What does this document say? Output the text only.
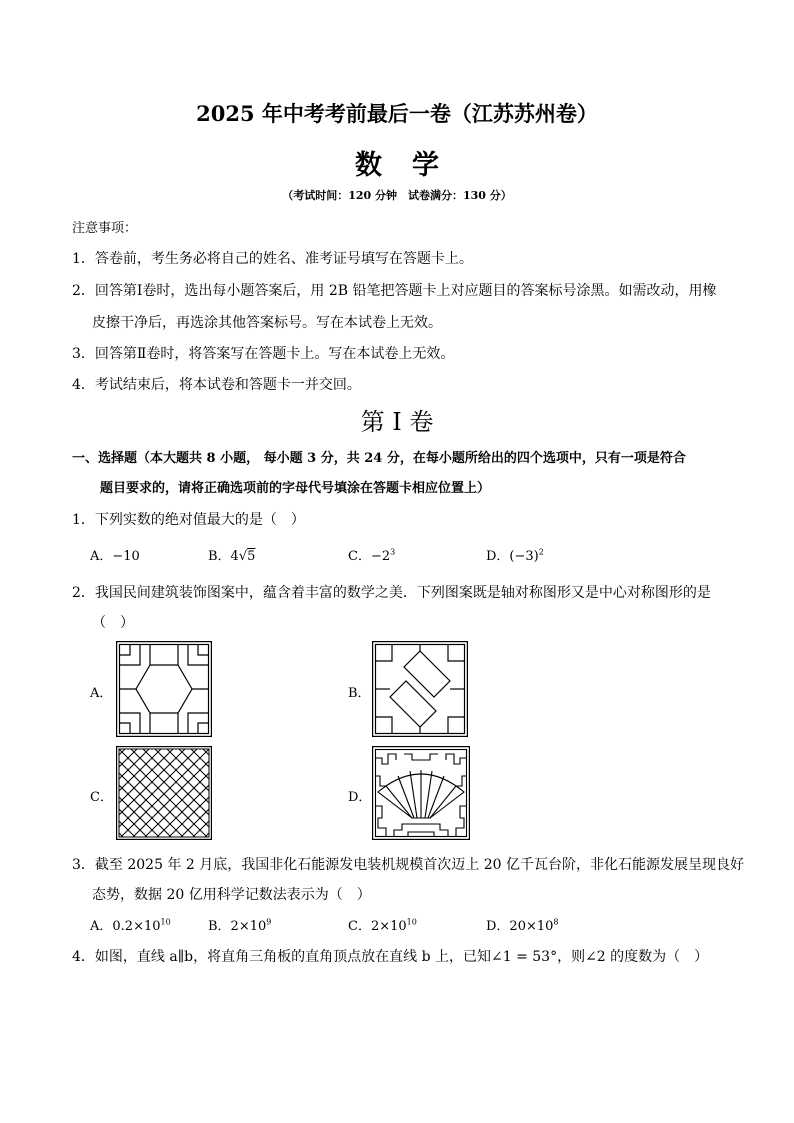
2025 年中考考前最后一卷（江苏苏州卷）
数学
（考试时间：120 分钟　试卷满分：130 分）
注意事项：
1．答卷前，考生务必将自己的姓名、准考证号填写在答题卡上。
2．回答第Ⅰ卷时，选出每小题答案后，用 2B 铅笔把答题卡上对应题目的答案标号涂黑。如需改动，用橡
皮擦干净后，再选涂其他答案标号。写在本试卷上无效。
3．回答第Ⅱ卷时，将答案写在答题卡上。写在本试卷上无效。
4．考试结束后，将本试卷和答题卡一并交回。
第 I 卷
一、选择题（本大题共 8 小题， 每小题 3 分，共 24 分，在每小题所给出的四个选项中，只有一项是符合
题目要求的，请将正确选项前的字母代号填涂在答题卡相应位置上）
1．下列实数的绝对值最大的是（　）
A．−10	B．4√5	C．$-2^3$	D．$(-3)^2$
2．我国民间建筑装饰图案中，蕴含着丰富的数学之美．下列图案既是轴对称图形又是中心对称图形的是
（　）
A．	B．
C．	D．
3．截至 2025 年 2 月底，我国非化石能源发电装机规模首次迈上 20 亿千瓦台阶，非化石能源发展呈现良好
态势，数据 20 亿用科学记数法表示为（　）
A．$0.2\times 10^{10}$	B．$2\times 10^9$	C．$2\times 10^{10}$	D．$20\times 10^8$
4．如图，直线 a∥b，将直角三角板的直角顶点放在直线 b 上，已知∠1 = 53°，则∠2 的度数为（　）
